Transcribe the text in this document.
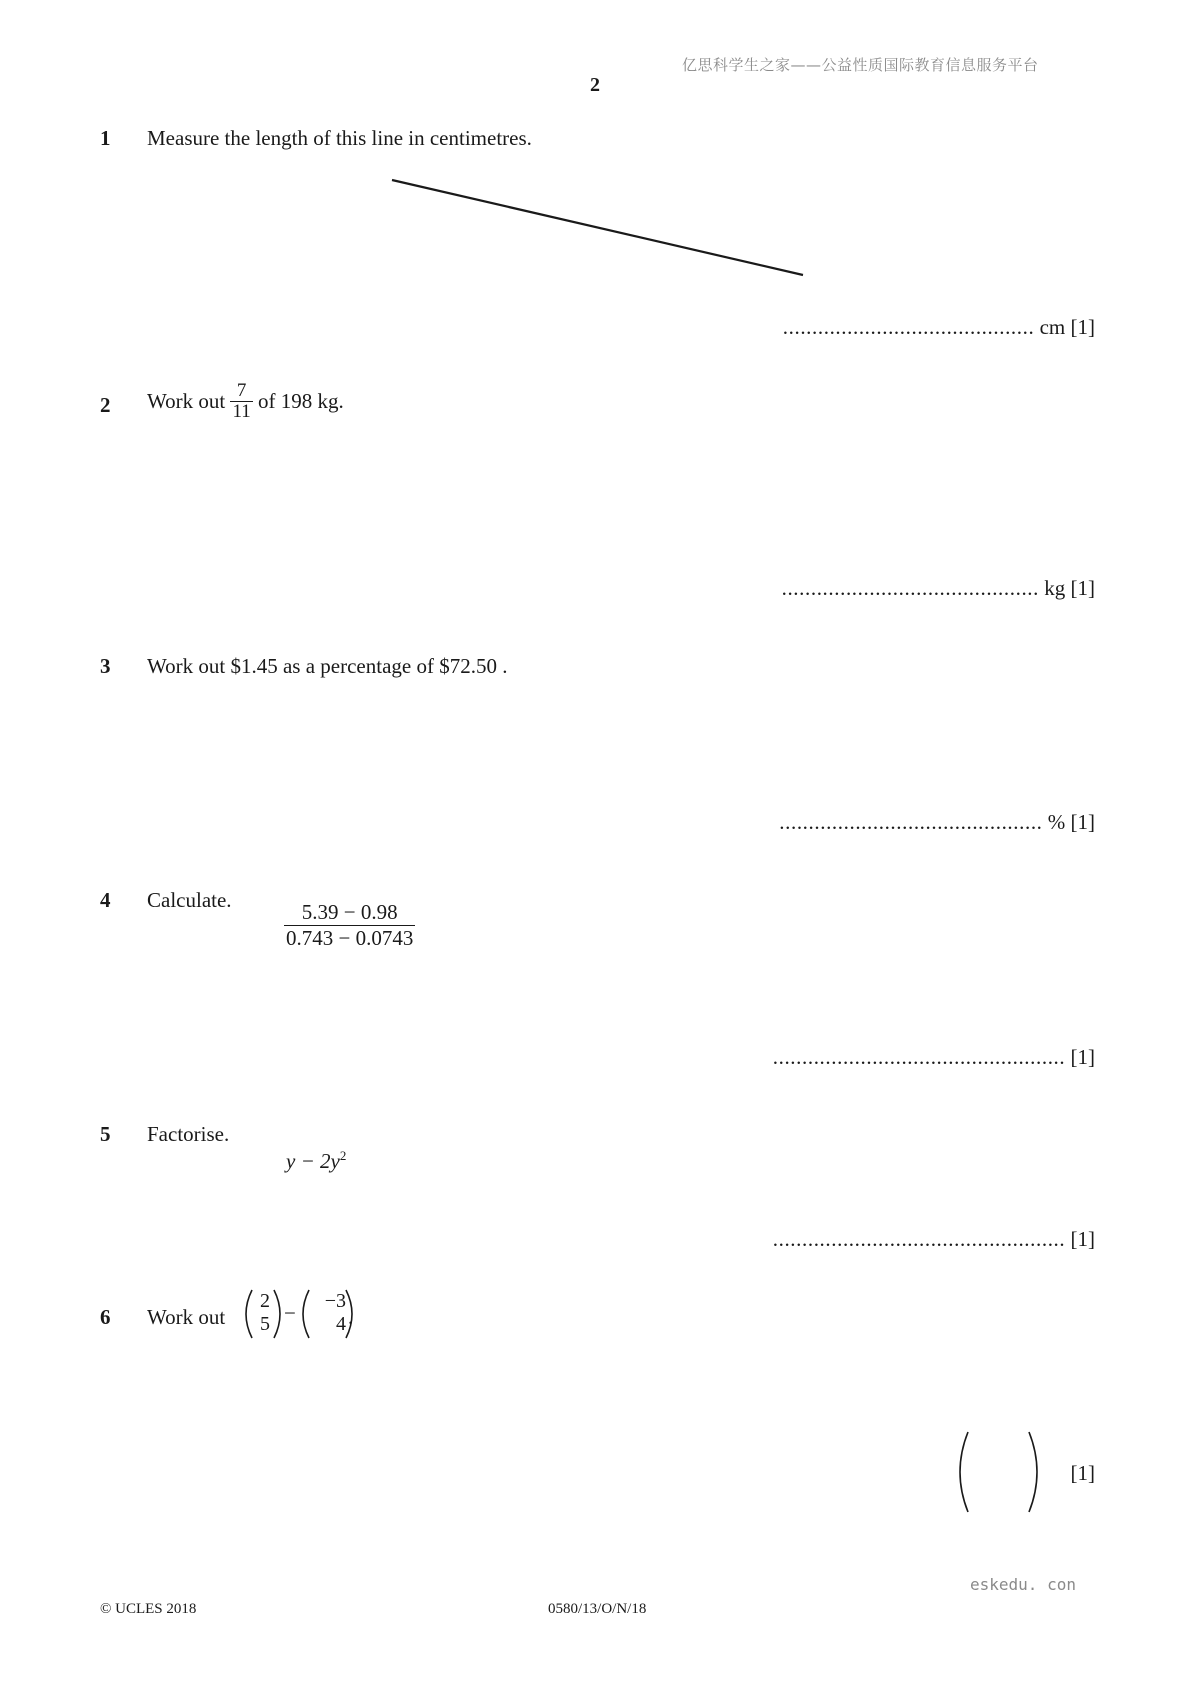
亿思科学生之家——公益性质国际教育信息服务平台
2
1 Measure the length of this line in centimetres.
........................................... cm [1]
2 Work out $\frac{7}{11}$ of 198 kg.
............................................ kg [1]
3 Work out $1.45 as a percentage of $72.50 .
............................................. % [1]
4 Calculate. $\frac{5.39 - 0.98}{0.743 - 0.0743}$
.................................................. [1]
5 Factorise.
$y - 2y^2$
.................................................. [1]
6 Work out
2
5 −	−3
4 .
[1]
eskedu. con
© UCLES 2018	0580/13/O/N/18
